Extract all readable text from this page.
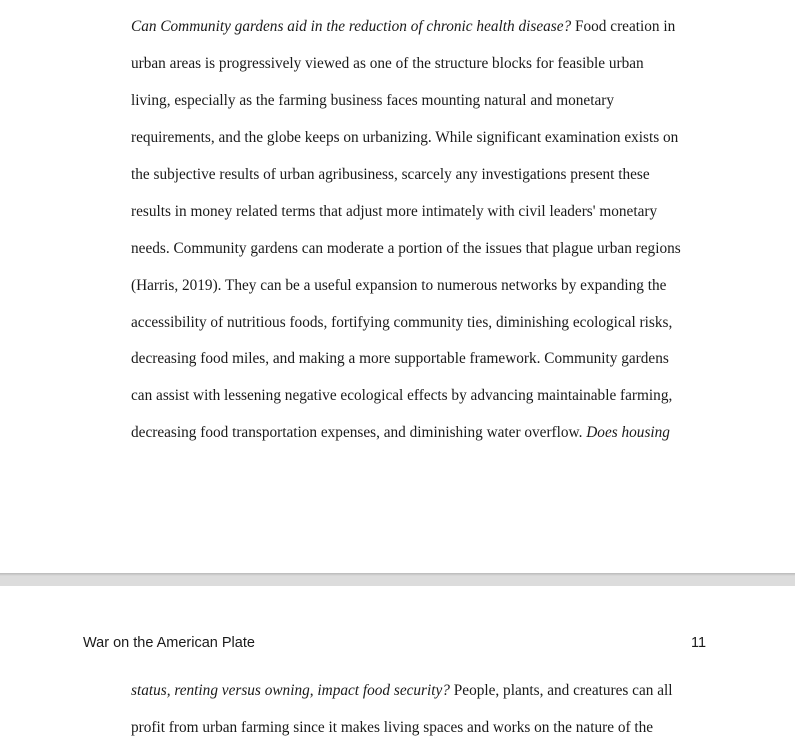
Can Community gardens aid in the reduction of chronic health disease? Food creation in
urban areas is progressively viewed as one of the structure blocks for feasible urban
living, especially as the farming business faces mounting natural and monetary
requirements, and the globe keeps on urbanizing. While significant examination exists on
the subjective results of urban agribusiness, scarcely any investigations present these
results in money related terms that adjust more intimately with civil leaders' monetary
needs. Community gardens can moderate a portion of the issues that plague urban regions
(Harris, 2019). They can be a useful expansion to numerous networks by expanding the
accessibility of nutritious foods, fortifying community ties, diminishing ecological risks,
decreasing food miles, and making a more supportable framework. Community gardens
can assist with lessening negative ecological effects by advancing maintainable farming,
decreasing food transportation expenses, and diminishing water overflow. Does housing

War on the American Plate	11

status, renting versus owning, impact food security? People, plants, and creatures can all
profit from urban farming since it makes living spaces and works on the nature of the
